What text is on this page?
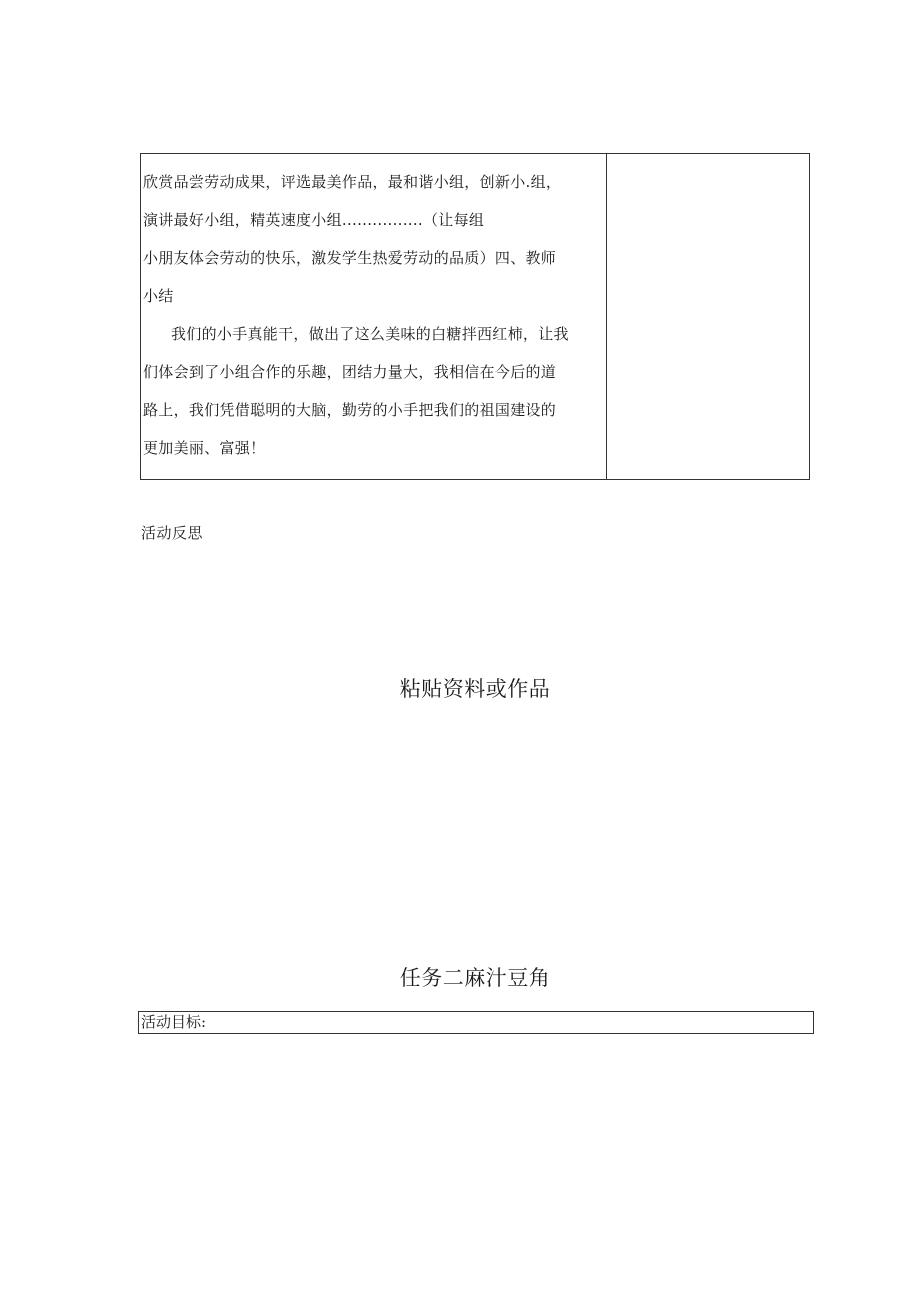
欣赏品尝劳动成果，评选最美作品，最和谐小组，创新小.组，
演讲最好小组，精英速度小组................（让每组
小朋友体会劳动的快乐，激发学生热爱劳动的品质）四、教师
小结
我们的小手真能干，做出了这么美味的白糖拌西红柿，让我
们体会到了小组合作的乐趣，团结力量大，我相信在今后的道
路上，我们凭借聪明的大脑，勤劳的小手把我们的祖国建设的
更加美丽、富强！
活动反思
粘贴资料或作品
任务二麻汁豆角
活动目标:
